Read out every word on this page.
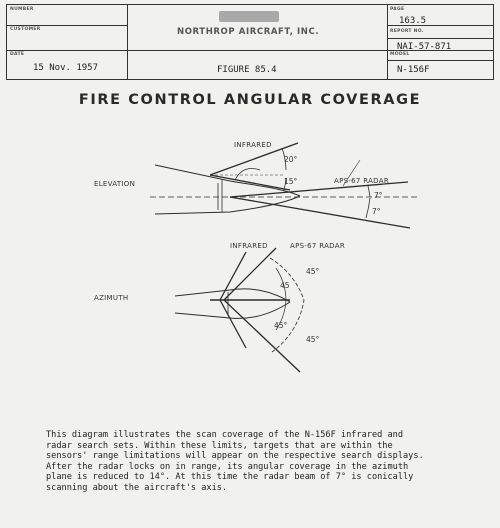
NUMBER
CUSTOMER
DATE
PAGE
REPORT NO.
MODEL
NORTHROP AIRCRAFT, INC.
15 Nov. 1957	FIGURE 85.4
163.5
NAI-57-871
N-156F
FIRE CONTROL ANGULAR COVERAGE
ELEVATION
INFRARED
APS-67 RADAR
20°
15°
7°
7°
AZIMUTH
INFRARED	APS-67 RADAR
45
45°
45°
45°
This diagram illustrates the scan coverage of the N-156F infrared and
radar search sets. Within these limits, targets that are within the
sensors' range limitations will appear on the respective search displays.
After the radar locks on in range, its angular coverage in the azimuth
plane is reduced to 14°. At this time the radar beam of 7° is conically
scanning about the aircraft's axis.
